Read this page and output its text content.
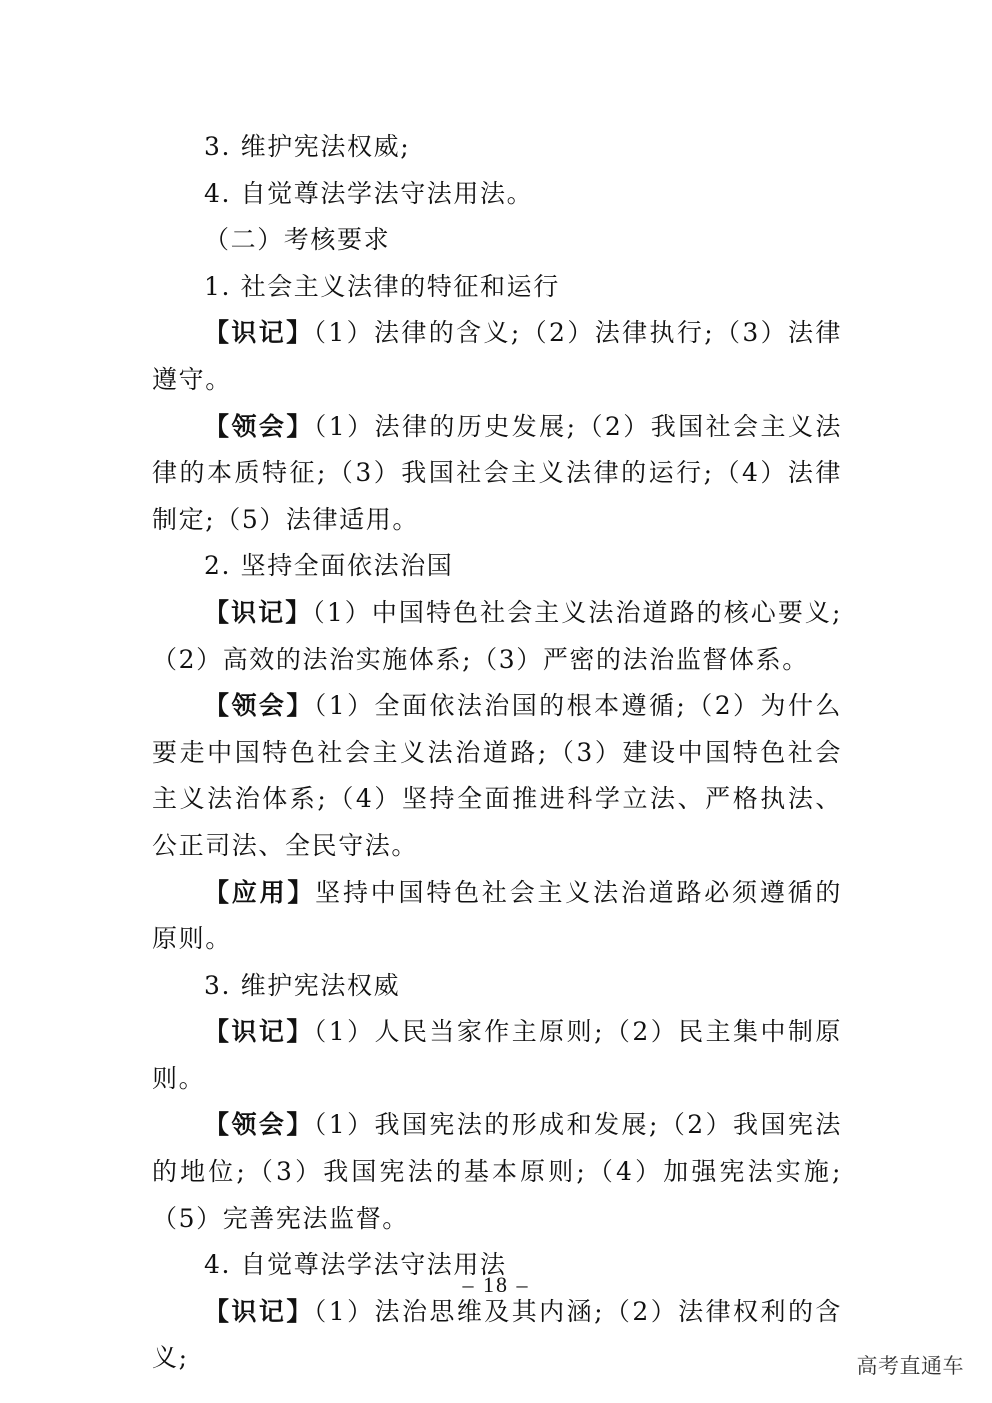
3. 维护宪法权威;

4. 自觉尊法学法守法用法。

（二）考核要求

1. 社会主义法律的特征和运行

【识记】（1）法律的含义;（2）法律执行;（3）法律遵守。

【领会】（1）法律的历史发展;（2）我国社会主义法律的本质特征;（3）我国社会主义法律的运行;（4）法律制定;（5）法律适用。

2. 坚持全面依法治国

【识记】（1）中国特色社会主义法治道路的核心要义;（2）高效的法治实施体系;（3）严密的法治监督体系。

【领会】（1）全面依法治国的根本遵循;（2）为什么要走中国特色社会主义法治道路;（3）建设中国特色社会主义法治体系;（4）坚持全面推进科学立法、严格执法、公正司法、全民守法。

【应用】坚持中国特色社会主义法治道路必须遵循的原则。

3. 维护宪法权威

【识记】（1）人民当家作主原则;（2）民主集中制原则。

【领会】（1）我国宪法的形成和发展;（2）我国宪法的地位;（3）我国宪法的基本原则;（4）加强宪法实施;（5）完善宪法监督。

4. 自觉尊法学法守法用法

【识记】（1）法治思维及其内涵;（2）法律权利的含义;

– 18 –
高考直通车
